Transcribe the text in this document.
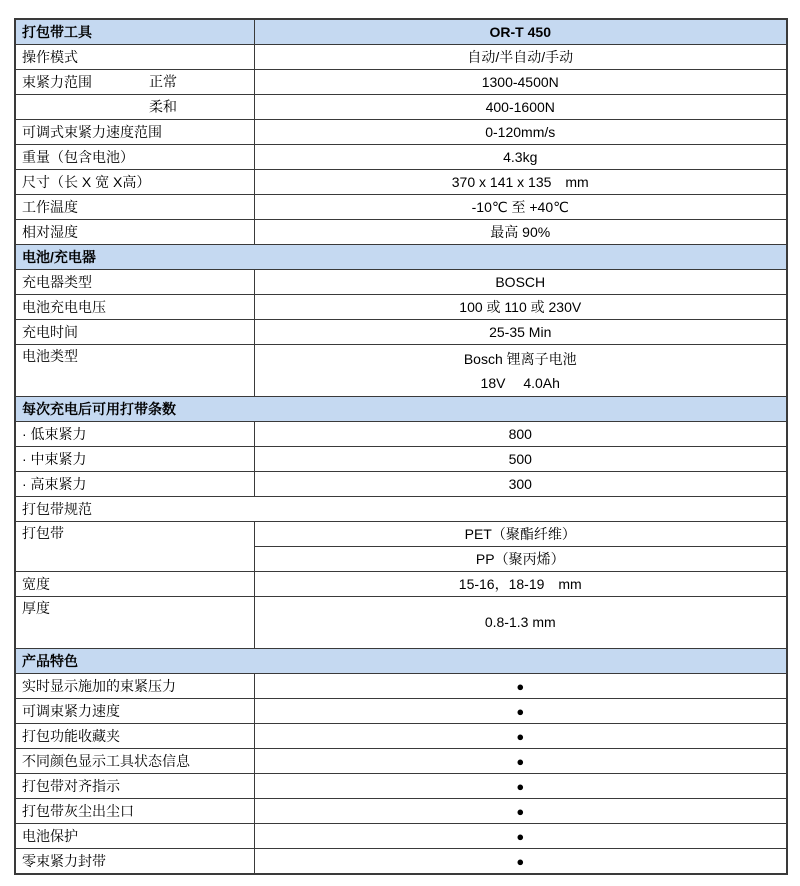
打包带工具	OR-T 450
操作模式	自动/半自动/手动
束紧力范围 正常	1300-4500N

柔和	400-1600N
可调式束紧力速度范围	0-120mm/s
重量（包含电池）	4.3kg
尺寸（长 X 宽 X高）	370 x 141 x 135 mm
工作温度	-10℃ 至 +40℃
相对湿度	最高 90%
电池/充电器	
充电器类型	BOSCH
电池充电电压	100 或 110 或 230V
充电时间	25-35 Min
电池类型	Bosch 锂离子电池
18V  4.0Ah

每次充电后可用打带条数	
· 低束紧力	800
· 中束紧力	500
· 高束紧力	300
打包带规范	
打包带	PET（聚酯纤维）
	PP（聚丙烯）
宽度	15-16，18-19  mm
厚度	0.8-1.3 mm
产品特色	
实时显示施加的束紧压力	●
可调束紧力速度	●
打包功能收藏夹	●
不同颜色显示工具状态信息	●
打包带对齐指示	●
打包带灰尘出尘口	●
电池保护	●
零束紧力封带	●
